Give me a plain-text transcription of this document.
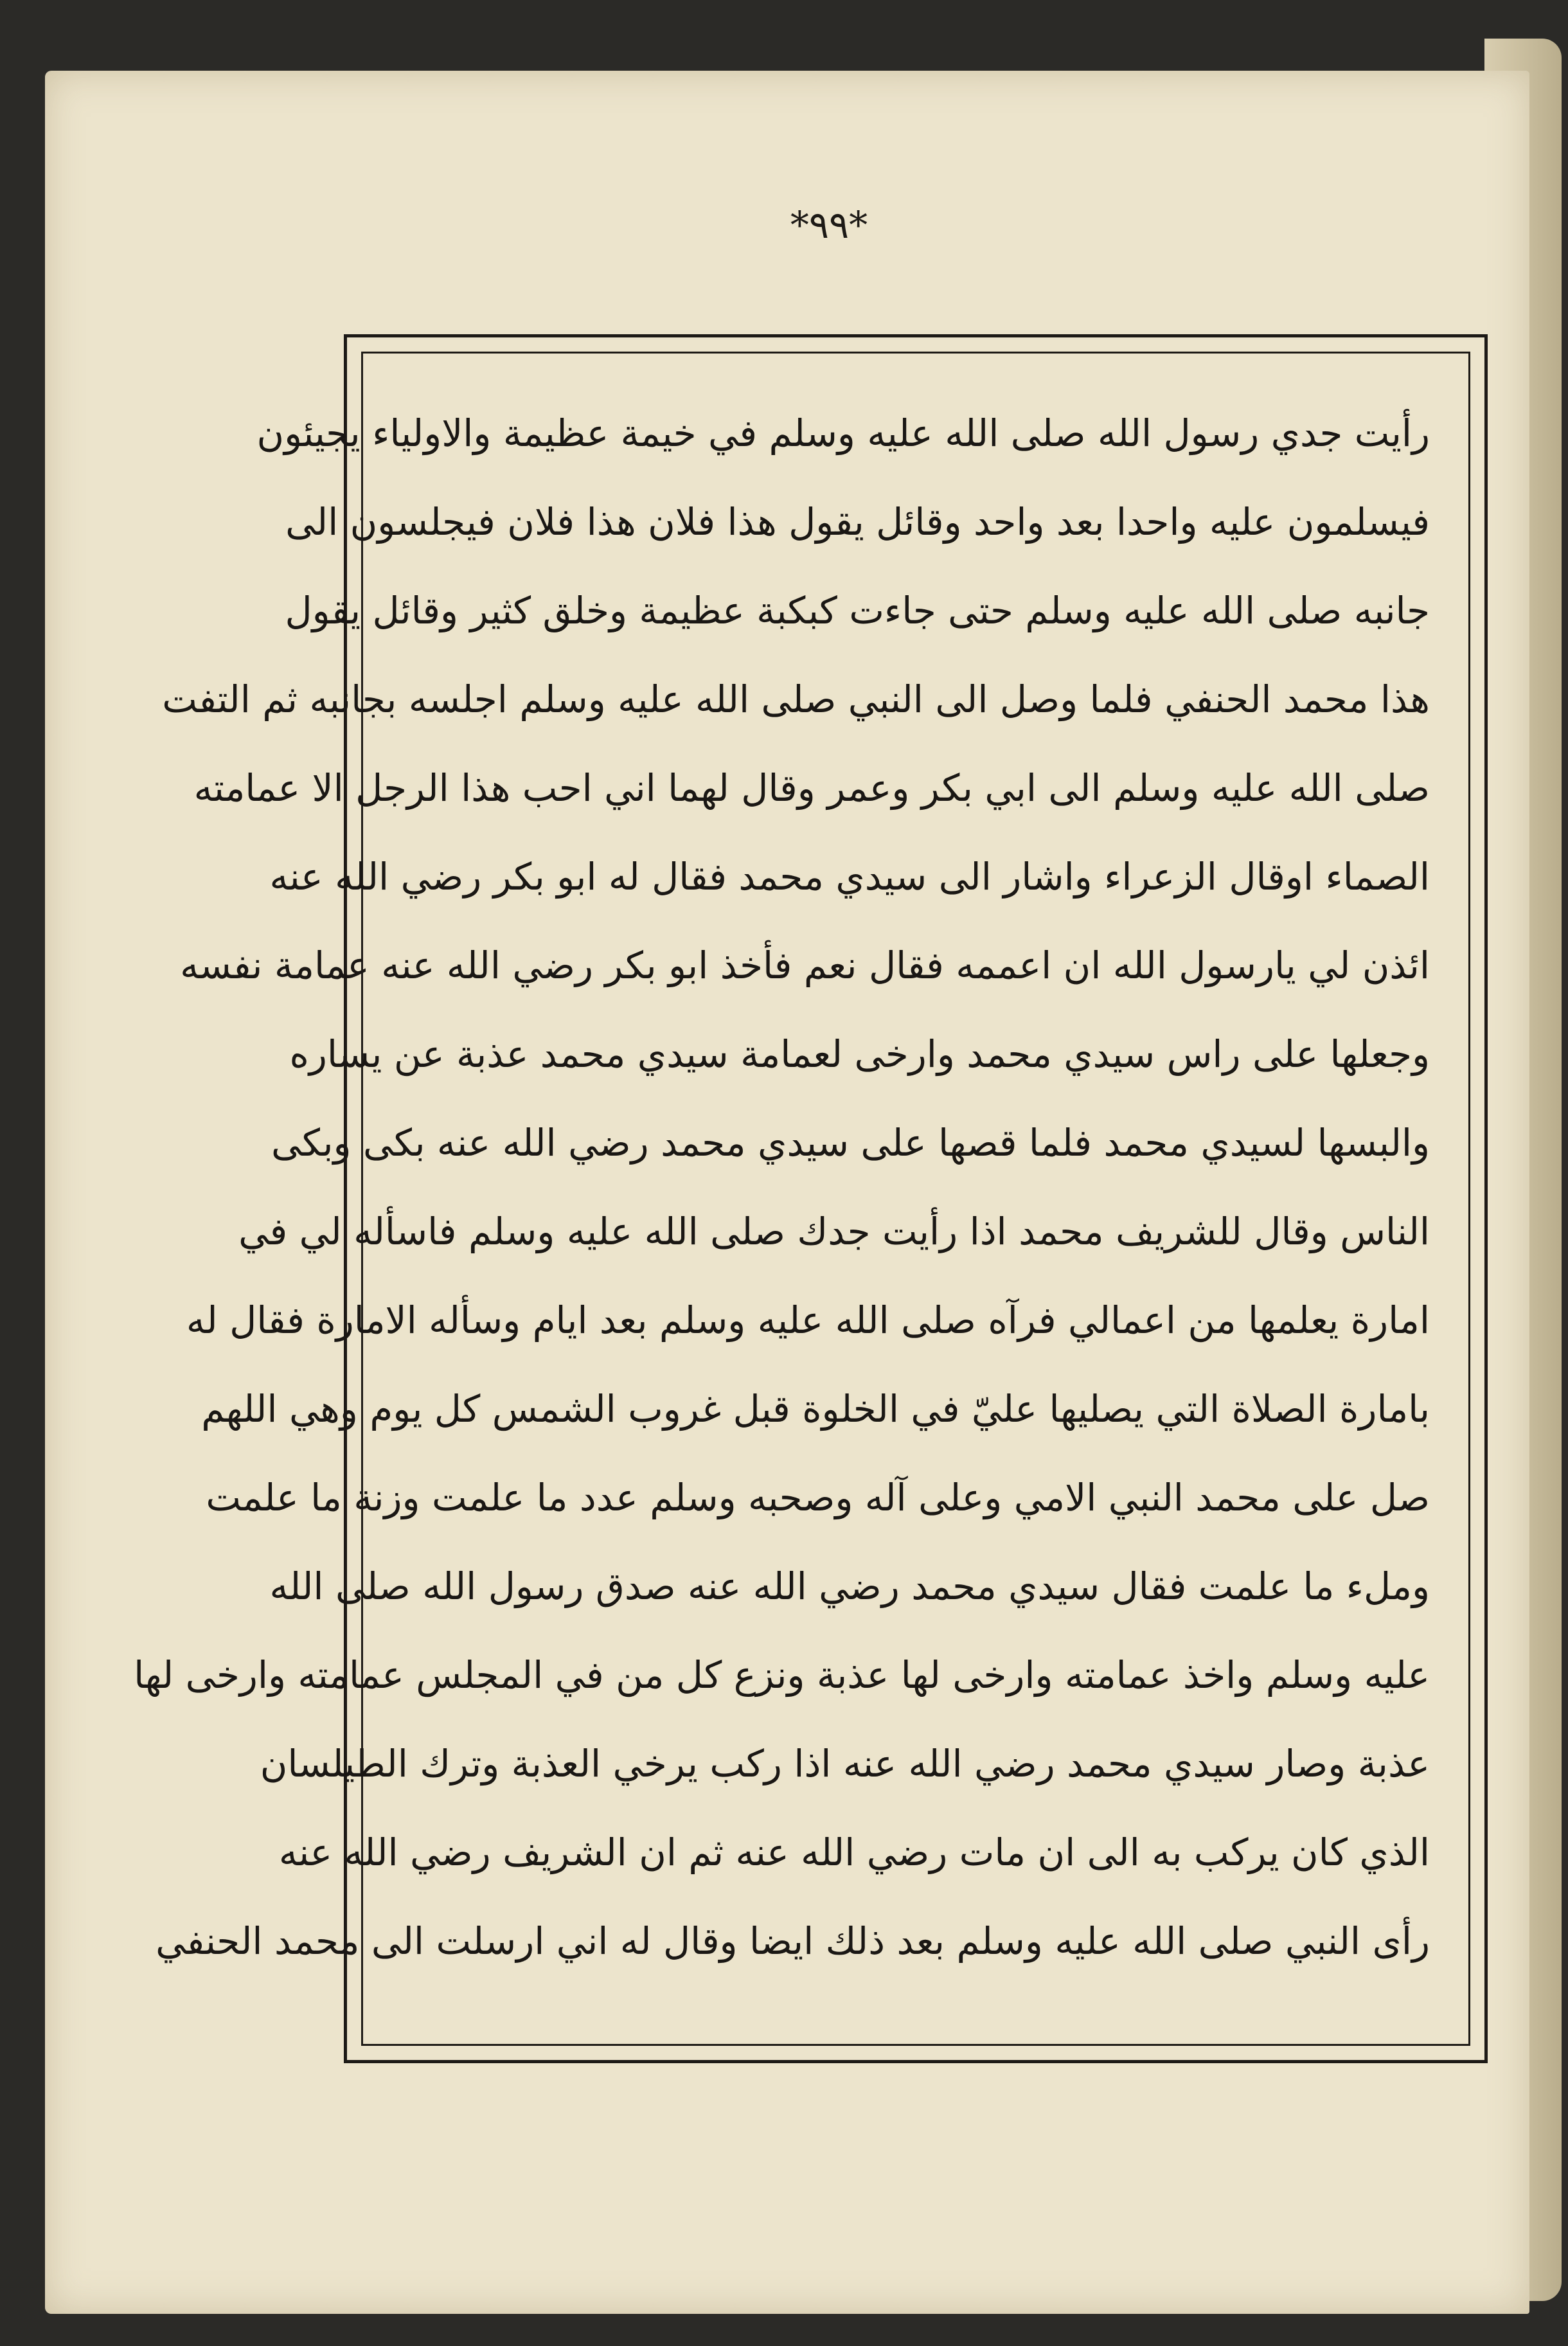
*٩٩*
رأيت جدي رسول الله صلى الله عليه وسلم في خيمة عظيمة والاولياء يجيئون
فيسلمون عليه واحدا بعد واحد وقائل يقول هذا فلان هذا فلان فيجلسون الى
جانبه صلى الله عليه وسلم حتى جاءت كبكبة عظيمة وخلق كثير وقائل يقول
هذا محمد الحنفي فلما وصل الى النبي صلى الله عليه وسلم اجلسه بجانبه ثم التفت
صلى الله عليه وسلم الى ابي بكر وعمر وقال لهما اني احب هذا الرجل الا عمامته
الصماء اوقال الزعراء واشار الى سيدي محمد فقال له ابو بكر رضي الله عنه
ائذن لي يارسول الله ان اعممه فقال نعم فأخذ ابو بكر رضي الله عنه عمامة نفسه
وجعلها على راس سيدي محمد وارخى لعمامة سيدي محمد عذبة عن يساره
والبسها لسيدي محمد فلما قصها على سيدي محمد رضي الله عنه بكى وبكى
الناس وقال للشريف محمد اذا رأيت جدك صلى الله عليه وسلم فاسأله لي في
امارة يعلمها من اعمالي فرآه صلى الله عليه وسلم بعد ايام وسأله الامارة فقال له
بامارة الصلاة التي يصليها عليّ في الخلوة قبل غروب الشمس كل يوم وهي اللهم
صل على محمد النبي الامي وعلى آله وصحبه وسلم عدد ما علمت وزنة ما علمت
وملء ما علمت فقال سيدي محمد رضي الله عنه صدق رسول الله صلى الله
عليه وسلم واخذ عمامته وارخى لها عذبة ونزع كل من في المجلس عمامته وارخى لها
عذبة وصار سيدي محمد رضي الله عنه اذا ركب يرخي العذبة وترك الطيلسان
الذي كان يركب به الى ان مات رضي الله عنه ثم ان الشريف رضي الله عنه
رأى النبي صلى الله عليه وسلم بعد ذلك ايضا وقال له اني ارسلت الى محمد الحنفي
